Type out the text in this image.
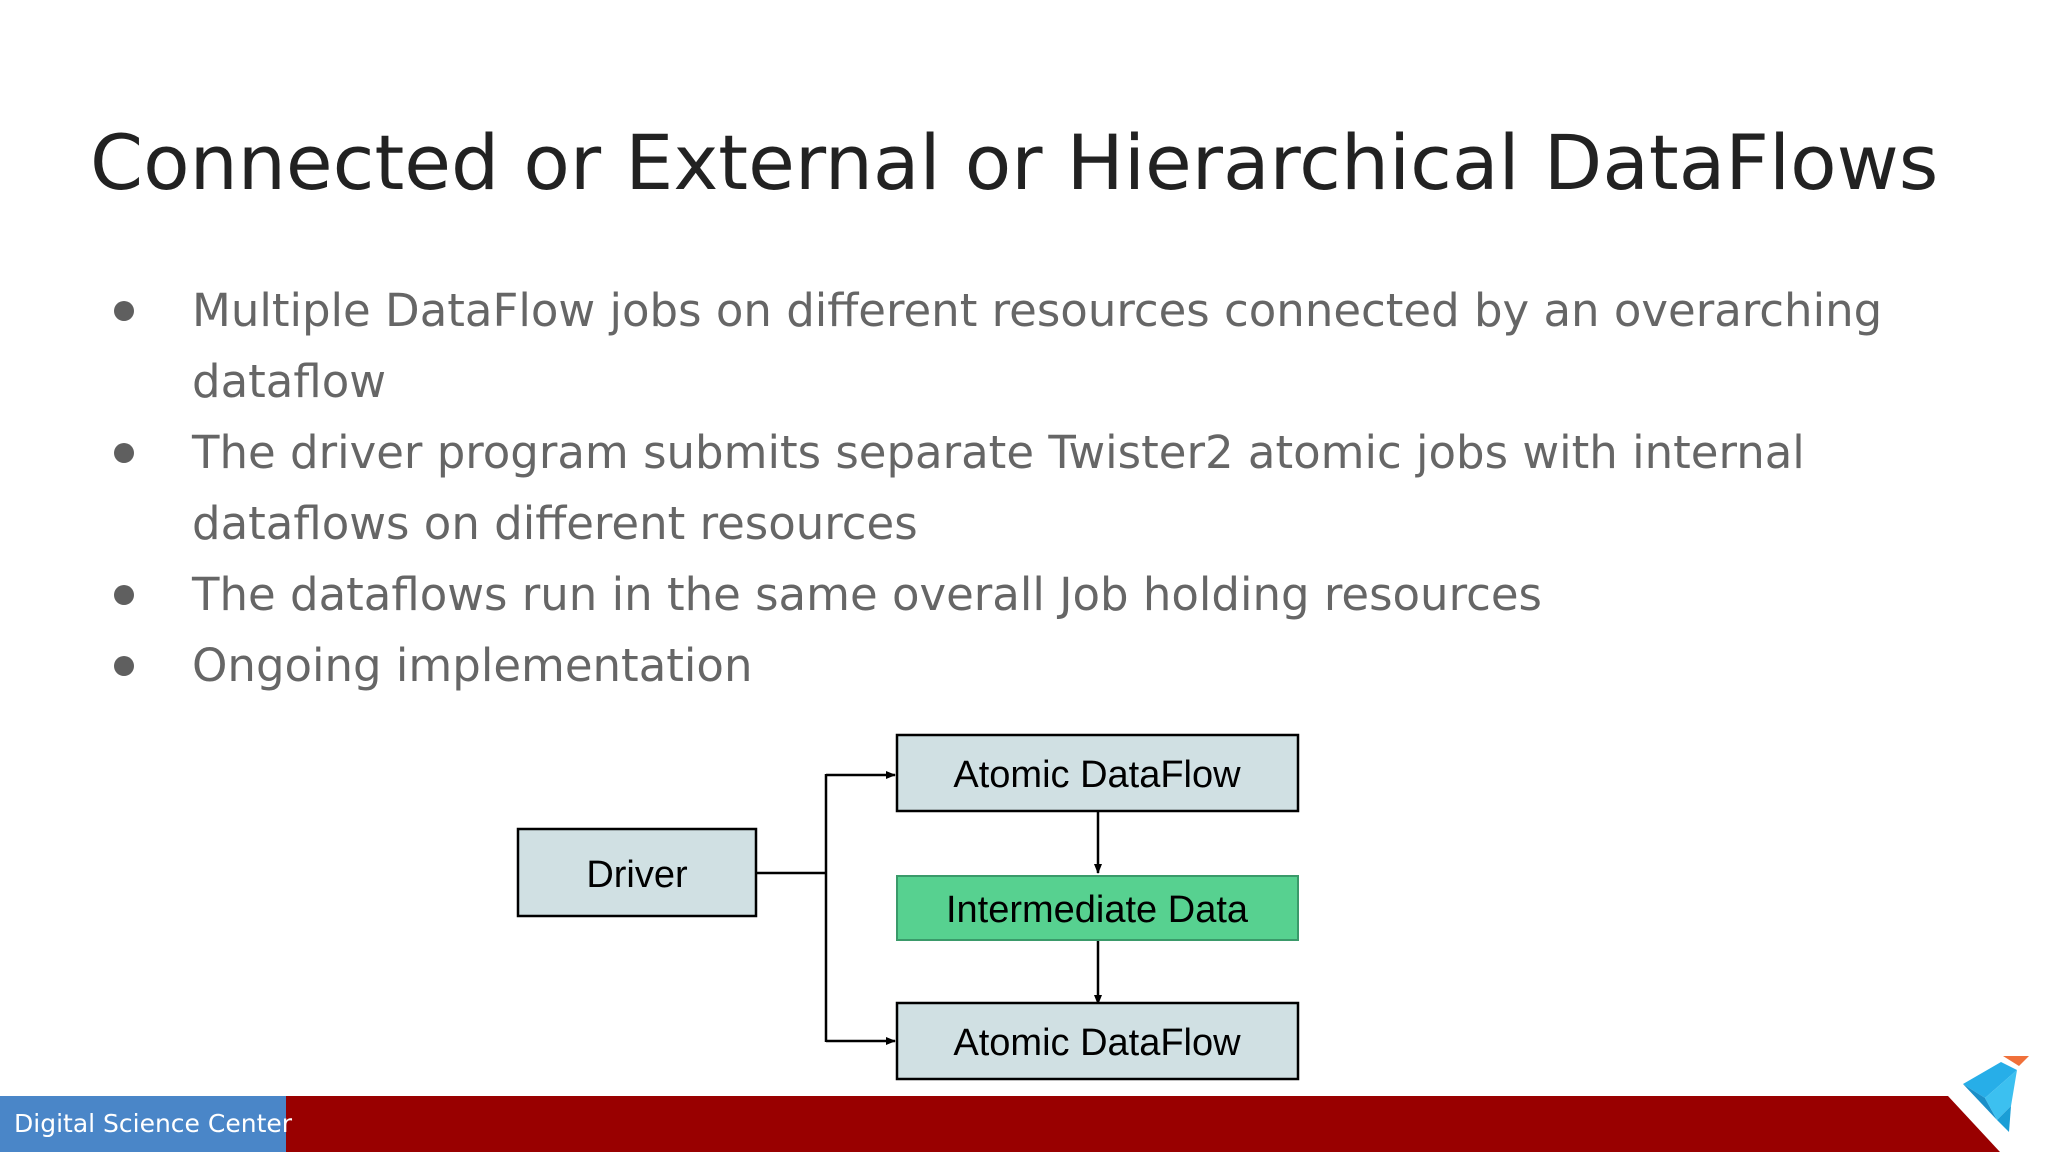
Connected or External or Hierarchical DataFlows
Multiple DataFlow jobs on different resources connected by an overarching
dataflow
The driver program submits separate Twister2 atomic jobs with internal
dataflows on different resources
The dataflows run in the same overall Job holding resources
Ongoing implementation
Driver
Atomic DataFlow
Intermediate Data
Atomic DataFlow
Digital Science Center
